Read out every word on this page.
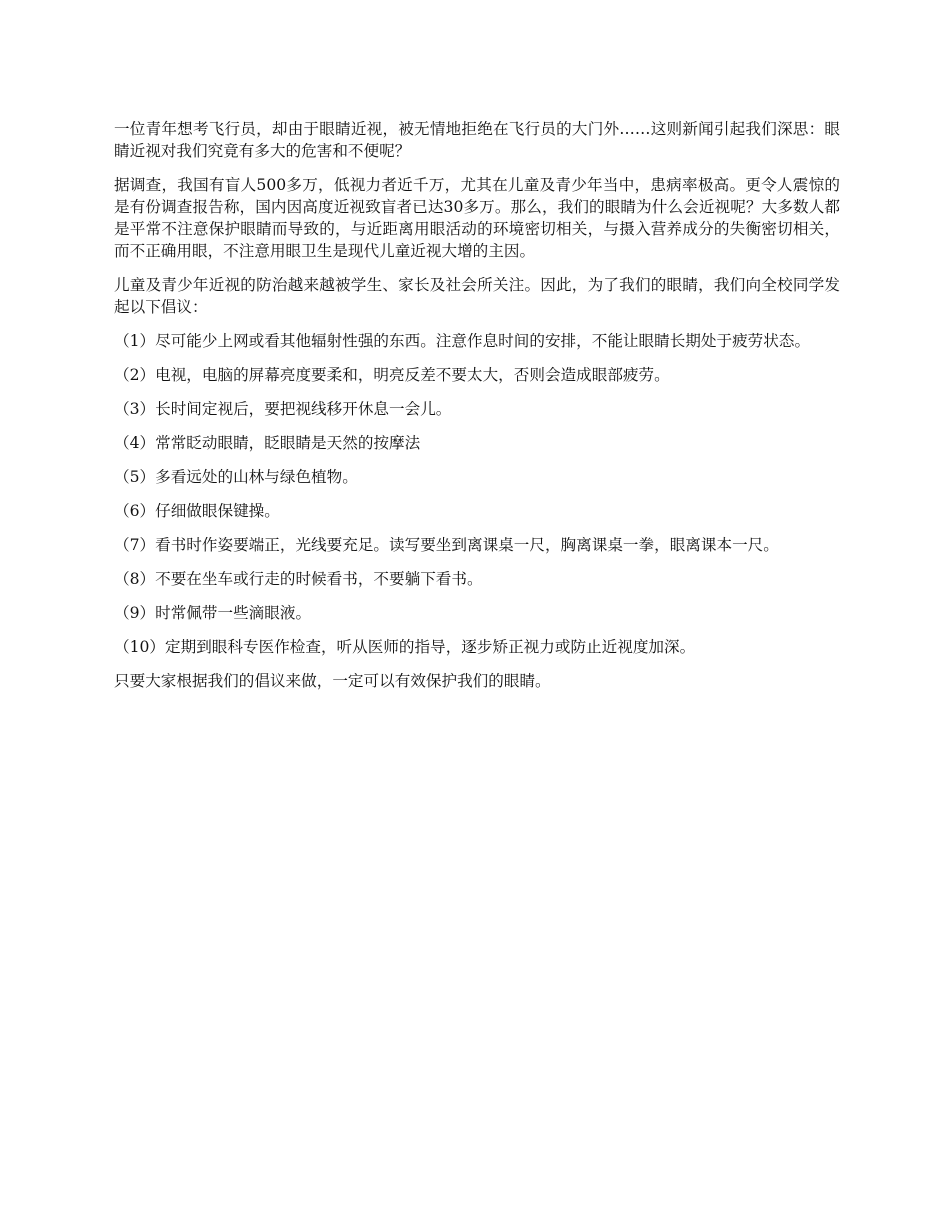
一位青年想考飞行员，却由于眼睛近视，被无情地拒绝在飞行员的大门外……这则新闻引起我们深思：眼睛近视对我们究竟有多大的危害和不便呢？

据调查，我国有盲人500多万，低视力者近千万，尤其在儿童及青少年当中，患病率极高。更令人震惊的是有份调查报告称，国内因高度近视致盲者已达30多万。那么，我们的眼睛为什么会近视呢？大多数人都是平常不注意保护眼睛而导致的，与近距离用眼活动的环境密切相关，与摄入营养成分的失衡密切相关，而不正确用眼，不注意用眼卫生是现代儿童近视大增的主因。

儿童及青少年近视的防治越来越被学生、家长及社会所关注。因此，为了我们的眼睛，我们向全校同学发起以下倡议：

（1）尽可能少上网或看其他辐射性强的东西。注意作息时间的安排，不能让眼睛长期处于疲劳状态。

（2）电视，电脑的屏幕亮度要柔和，明亮反差不要太大，否则会造成眼部疲劳。

（3）长时间定视后，要把视线移开休息一会儿。

（4）常常眨动眼睛，眨眼睛是天然的按摩法

（5）多看远处的山林与绿色植物。

（6）仔细做眼保键操。

（7）看书时作姿要端正，光线要充足。读写要坐到离课桌一尺，胸离课桌一拳，眼离课本一尺。

（8）不要在坐车或行走的时候看书，不要躺下看书。

（9）时常佩带一些滴眼液。

（10）定期到眼科专医作检查，听从医师的指导，逐步矫正视力或防止近视度加深。

只要大家根据我们的倡议来做，一定可以有效保护我们的眼睛。
